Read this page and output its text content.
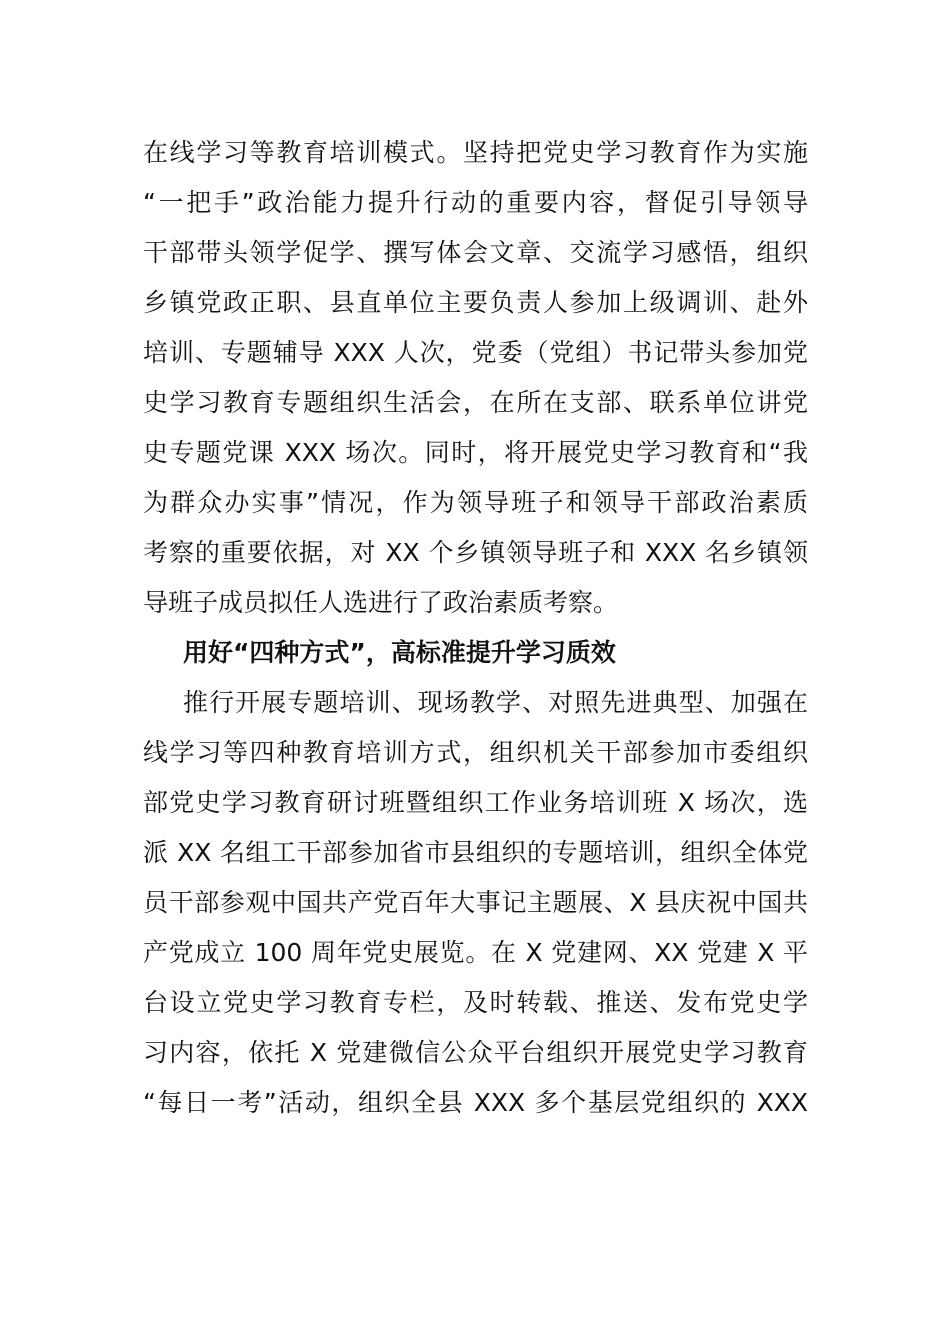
在线学习等教育培训模式。坚持把党史学习教育作为实施
“一把手”政治能力提升行动的重要内容，督促引导领导
干部带头领学促学、撰写体会文章、交流学习感悟，组织
乡镇党政正职、县直单位主要负责人参加上级调训、赴外
培训、专题辅导 XXX 人次，党委（党组）书记带头参加党
史学习教育专题组织生活会，在所在支部、联系单位讲党
史专题党课 XXX 场次。同时，将开展党史学习教育和“我
为群众办实事”情况，作为领导班子和领导干部政治素质
考察的重要依据，对 XX 个乡镇领导班子和 XXX 名乡镇领
导班子成员拟任人选进行了政治素质考察。
用好“四种方式”，高标准提升学习质效
推行开展专题培训、现场教学、对照先进典型、加强在
线学习等四种教育培训方式，组织机关干部参加市委组织
部党史学习教育研讨班暨组织工作业务培训班 X 场次，选
派 XX 名组工干部参加省市县组织的专题培训，组织全体党
员干部参观中国共产党百年大事记主题展、X 县庆祝中国共
产党成立 100 周年党史展览。在 X 党建网、XX 党建 X 平
台设立党史学习教育专栏，及时转载、推送、发布党史学
习内容，依托 X 党建微信公众平台组织开展党史学习教育
“每日一考”活动，组织全县 XXX 多个基层党组织的 XXX
